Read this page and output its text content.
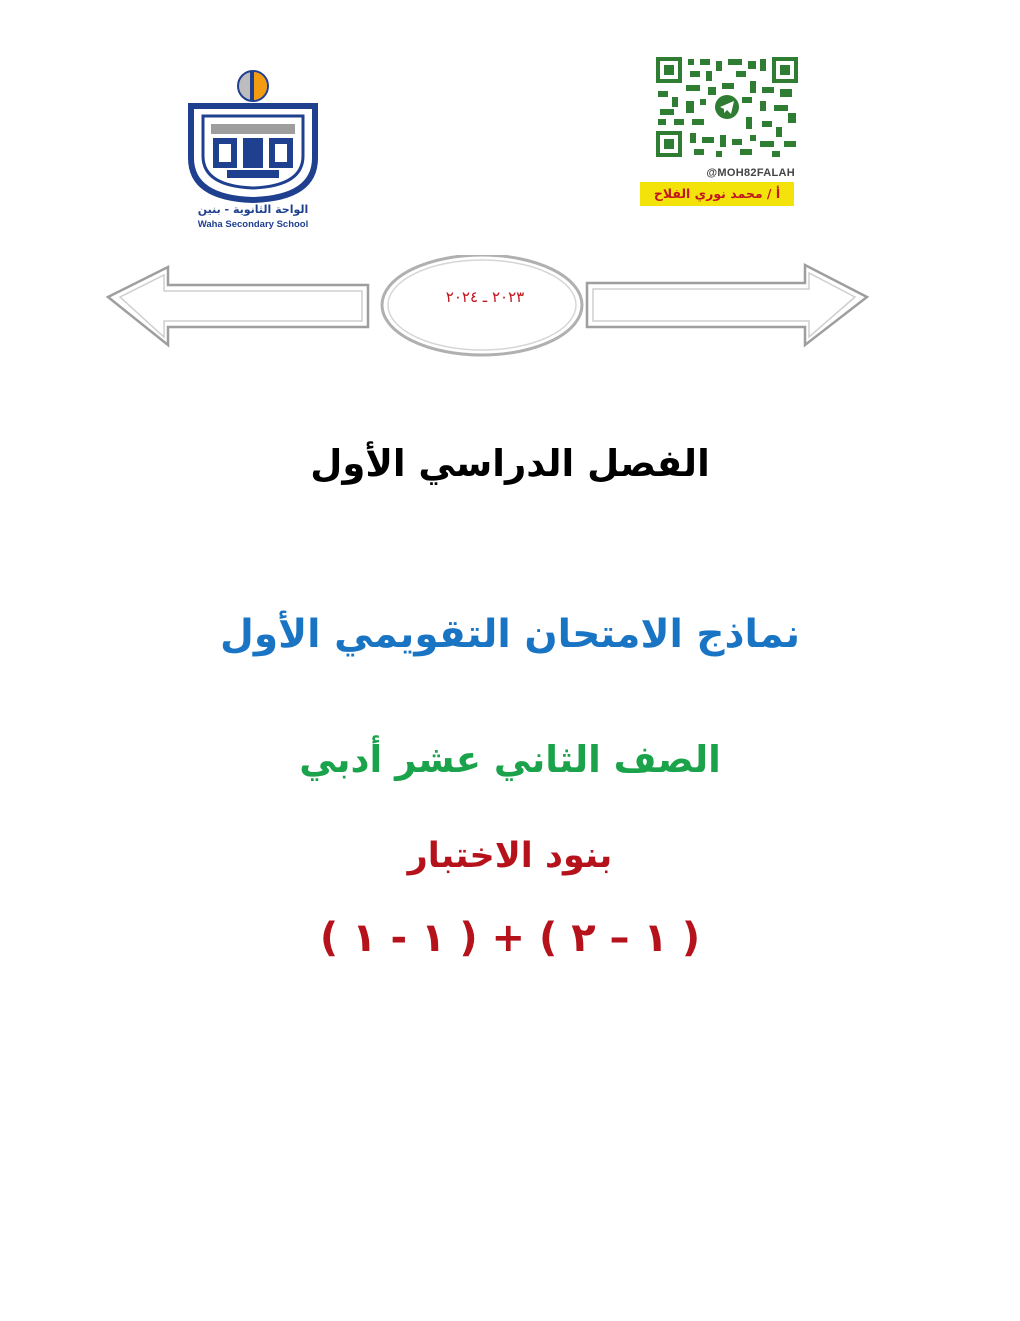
الواحة الثانوية - بنين
Waha Secondary School
@MOH82FALAH
أ / محمد نوري الفلاح
٢٠٢٣ ـ ٢٠٢٤
الفصل الدراسي الأول
نماذج الامتحان التقويمي الأول
الصف الثاني عشر أدبي
بنود الاختبار
( ١ - ١ ) + ( ١ – ٢ )
